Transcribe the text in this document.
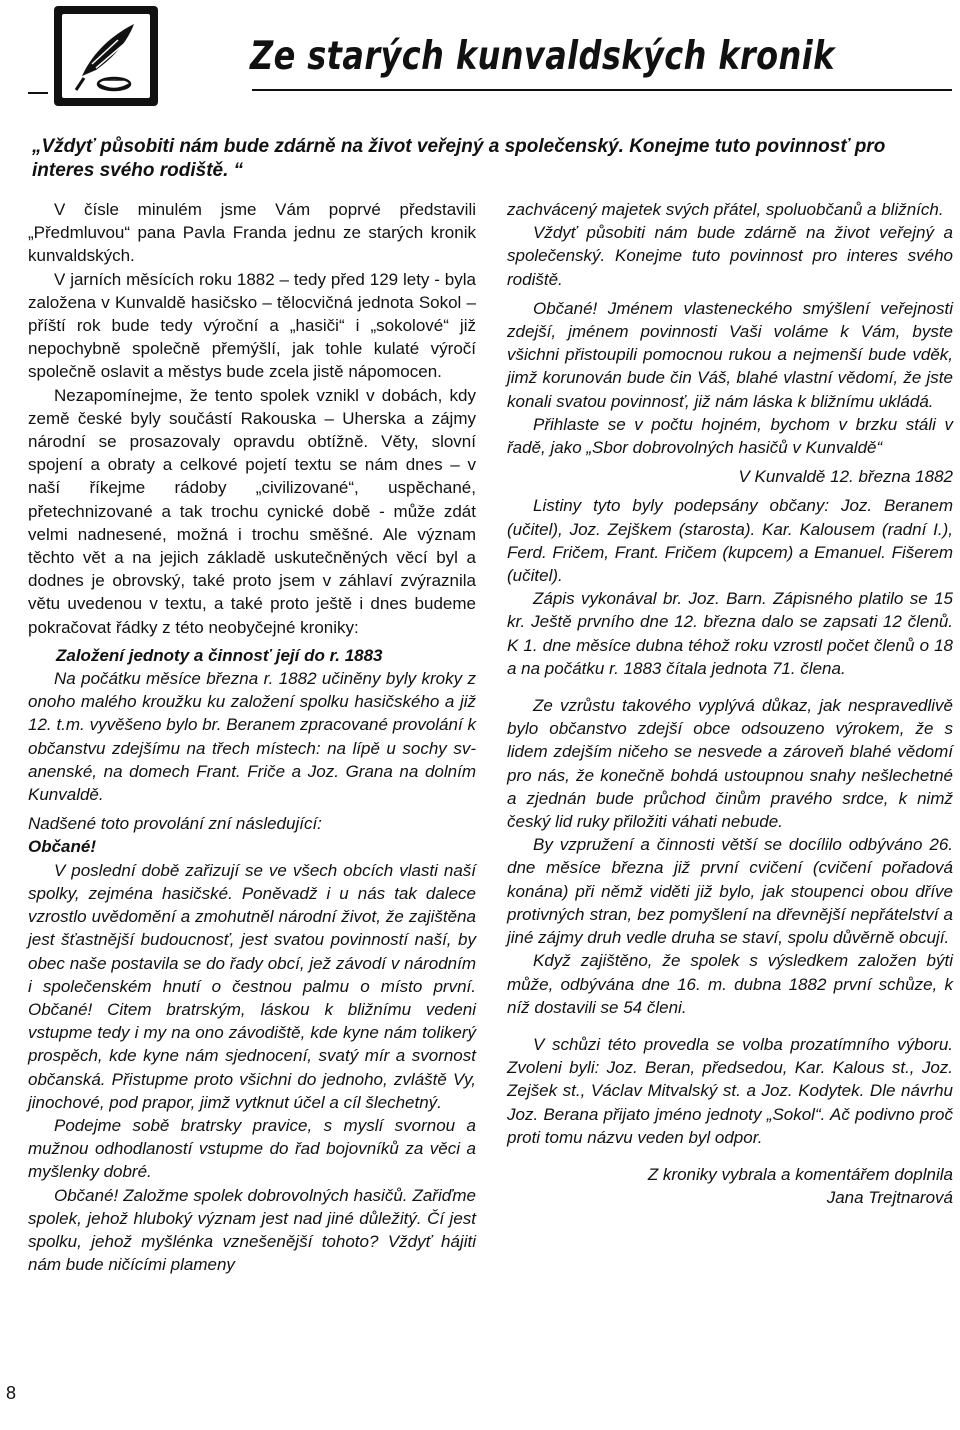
Ze starých kunvaldských kronik
„Vždyť působiti nám bude zdárně na život veřejný a společenský. Konejme tuto povinnosť pro interes svého rodiště. “

V čísle minulém jsme Vám poprvé představili „Předmluvou“ pana Pavla Franda jednu ze starých kronik kunvaldských.

V jarních měsících roku 1882 – tedy před 129 lety - byla založena v Kunvaldě hasičsko – tělocvičná jednota Sokol – příští rok bude tedy výroční a „hasiči“ i „sokolové“ již nepochybně společně přemýšlí, jak tohle kulaté výročí společně oslavit a městys bude zcela jistě nápomocen.

Nezapomínejme, že tento spolek vznikl v dobách, kdy země české byly součástí Rakouska – Uherska a zájmy národní se prosazovaly opravdu obtížně. Věty, slovní spojení a obraty a celkové pojetí textu se nám dnes – v naší říkejme rádoby „civilizované“, uspěchané, přetechnizované a tak trochu cynické době - může zdát velmi nadnesené, možná i trochu směšné. Ale význam těchto vět a na jejich základě uskutečněných věcí byl a dodnes je obrovský, také proto jsem v záhlaví zvýraznila větu uvedenou v textu, a také proto ještě i dnes budeme pokračovat řádky z této neobyčejné kroniky:

Založení jednoty a činnosť její do r. 1883

Na počátku měsíce března r. 1882 učiněny byly kroky z onoho malého kroužku ku založení spolku hasičského a již 12. t.m. vyvěšeno bylo br. Beranem zpracované provolání k občanstvu zdejšímu na třech místech: na lípě u sochy sv-anenské, na domech Frant. Friče a Joz. Grana na dolním Kunvaldě.

Nadšené toto provolání zní následující:

Občané!

V poslední době zařizují se ve všech obcích vlasti naší spolky, zejména hasičské. Poněvadž i u nás tak dalece vzrostlo uvědomění a zmohutněl národní život, že zajištěna jest šťastnější budoucnosť, jest svatou povinností naší, by obec naše postavila se do řady obcí, jež závodí v národním i společenském hnutí o čestnou palmu o místo první. Občané! Citem bratrským, láskou k bližnímu vedeni vstupme tedy i my na ono závodiště, kde kyne nám tolikerý prospěch, kde kyne nám sjednocení, svatý mír a svornost občanská. Přistupme proto všichni do jednoho, zvláště Vy, jinochové, pod prapor, jimž vytknut účel a cíl šlechetný.

Podejme sobě bratrsky pravice, s myslí svornou a mužnou odhodlaností vstupme do řad bojovníků za věci a myšlenky dobré.

Občané! Založme spolek dobrovolných hasičů. Zařiďme spolek, jehož hluboký význam jest nad jiné důležitý. Čí jest spolku, jehož myšlénka vznešenější tohoto? Vždyť hájiti nám bude ničícími plameny

zachvácený majetek svých přátel, spoluobčanů a bližních.

Vždyť působiti nám bude zdárně na život veřejný a společenský. Konejme tuto povinnost pro interes svého rodiště.

Občané! Jménem vlasteneckého smýšlení veřejnosti zdejší, jménem povinnosti Vaši voláme k Vám, byste všichni přistoupili pomocnou rukou a nejmenší bude vděk, jimž korunován bude čin Váš, blahé vlastní vědomí, že jste konali svatou povinnosť, již nám láska k bližnímu ukládá.

Přihlaste se v počtu hojném, bychom v brzku stáli v řadě, jako „Sbor dobrovolných hasičů v Kunvaldě“

V Kunvaldě 12. března 1882

Listiny tyto byly podepsány občany: Joz. Beranem (učitel), Joz. Zejškem (starosta). Kar. Kalousem (radní I.), Ferd. Fričem, Frant. Fričem (kupcem) a Emanuel. Fišerem (učitel).

Zápis vykonával br. Joz. Barn. Zápisného platilo se 15 kr. Ještě prvního dne 12. března dalo se zapsati 12 členů. K 1. dne měsíce dubna téhož roku vzrostl počet členů o 18 a na počátku r. 1883 čítala jednota 71. člena.

Ze vzrůstu takového vyplývá důkaz, jak nespravedlivě bylo občanstvo zdejší obce odsouzeno výrokem, že s lidem zdejším ničeho se nesvede a zároveň blahé vědomí pro nás, že konečně bohdá ustoupnou snahy nešlechetné a zjednán bude průchod činům pravého srdce, k nimž český lid ruky přiložiti váhati nebude.

By vzpružení a činnosti větší se docílilo odbývánο 26. dne měsíce března již první cvičení (cvičení pořadová konána) při němž viděti již bylo, jak stoupenci obou dříve protivných stran, bez pomyšlení na dřevnější nepřátelství a jiné zájmy druh vedle druha se staví, spolu důvěrně obcují.

Když zajištěno, že spolek s výsledkem založen býti může, odbývána dne 16. m. dubna 1882 první schůze, k níž dostavili se 54 členi.

V schůzi této provedla se volba prozatímního výboru. Zvoleni byli: Joz. Beran, předsedou, Kar. Kalous st., Joz. Zejšek st., Václav Mitvalský st. a Joz. Kodytek. Dle návrhu Joz. Berana přijato jméno jednoty „Sokol“. Ač podivno proč proti tomu názvu veden byl odpor.

Z kroniky vybrala a komentářem doplnila

Jana Trejtnarová

8
